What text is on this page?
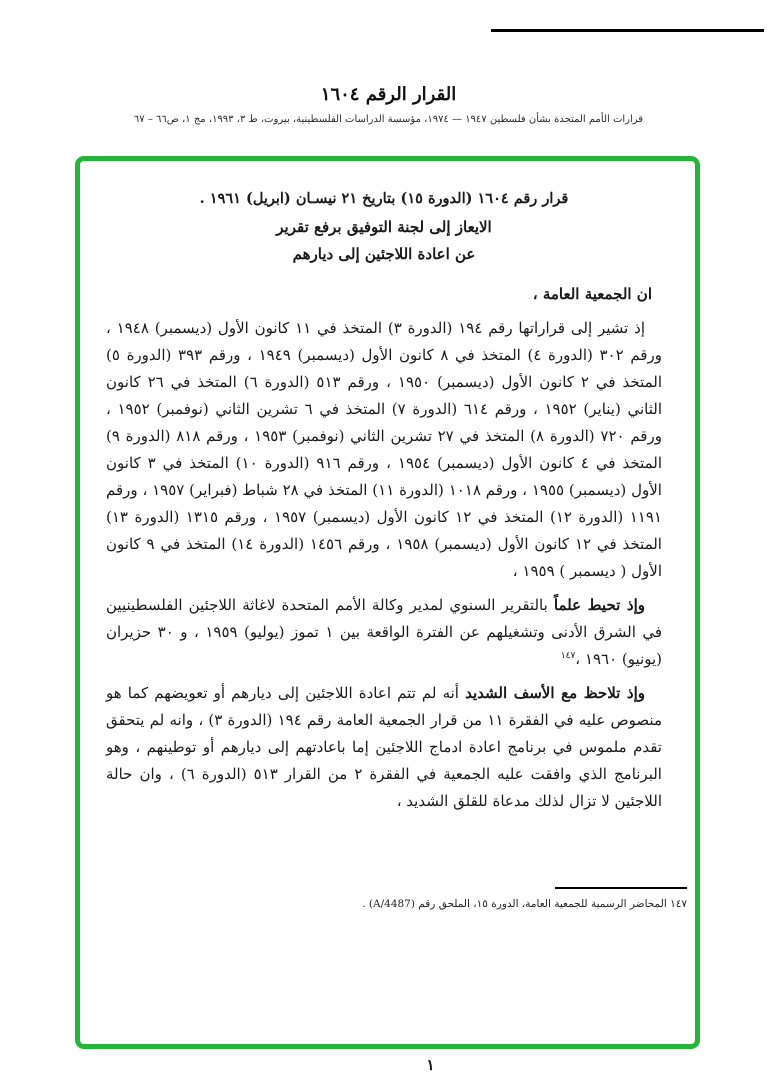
القرار الرقم ١٦٠٤
قرارات الأمم المتحدة بشأن فلسطين ١٩٤٧ — ١٩٧٤، مؤسسة الدراسات الفلسطينية، بيروت، ط ٣، ١٩٩٣، مج ١، ص٦٦ – ٦٧

قرار رقم ١٦٠٤ (الدورة ١٥) بتاريخ ٢١ نيسـان (ابريل) ١٩٦١ .

الايعاز إلى لجنة التوفيق برفع تقرير

عن اعادة اللاجئين إلى ديارهم

ان الجمعية العامة ،

إذ تشير إلى قراراتها رقم ١٩٤ (الدورة ٣) المتخذ في ١١ كانون الأول (ديسمبر) ١٩٤٨ ، ورقم ٣٠٢ (الدورة ٤) المتخذ في ٨ كانون الأول (ديسمبر) ١٩٤٩ ، ورقم ٣٩٣ (الدورة ٥) المتخذ في ٢ كانون الأول (ديسمبر) ١٩٥٠ ، ورقم ٥١٣ (الدورة ٦) المتخذ في ٢٦ كانون الثاني (يناير) ١٩٥٢ ، ورقم ٦١٤ (الدورة ٧) المتخذ في ٦ تشرين الثاني (نوفمبر) ١٩٥٢ ، ورقم ٧٢٠ (الدورة ٨) المتخذ في ٢٧ تشرين الثاني (نوفمبر) ١٩٥٣ ، ورقم ٨١٨ (الدورة ٩) المتخذ في ٤ كانون الأول (ديسمبر) ١٩٥٤ ، ورقم ٩١٦ (الدورة ١٠) المتخذ في ٣ كانون الأول (ديسمبر) ١٩٥٥ ، ورقم ١٠١٨ (الدورة ١١) المتخذ في ٢٨ شباط (فبراير) ١٩٥٧ ، ورقم ١١٩١ (الدورة ١٢) المتخذ في ١٢ كانون الأول (ديسمبر) ١٩٥٧ ، ورقم ١٣١٥ (الدورة ١٣) المتخذ في ١٢ كانون الأول (ديسمبر) ١٩٥٨ ، ورقم ١٤٥٦ (الدورة ١٤) المتخذ في ٩ كانون الأول ( ديسمبر ) ١٩٥٩ ،

وإذ تحيط علماً بالتقرير السنوي لمدير وكالة الأمم المتحدة لاغاثة اللاجئين الفلسطينيين في الشرق الأدنى وتشغيلهم عن الفترة الواقعة بين ١ تموز (يوليو) ١٩٥٩ ، و ٣٠ حزيران (يونيو) ١٩٦٠ ،$^{١٤٧}$

وإذ تلاحظ مع الأسف الشديد أنه لم تتم اعادة اللاجئين إلى ديارهم أو تعويضهم كما هو منصوص عليه في الفقرة ١١ من قرار الجمعية العامة رقم ١٩٤ (الدورة ٣) ، وانه لم يتحقق تقدم ملموس في برنامج اعادة ادماج اللاجئين إما باعادتهم إلى ديارهم أو توطينهم ، وهو البرنامج الذي وافقت عليه الجمعية في الفقرة ٢ من القرار ٥١٣ (الدورة ٦) ، وان حالة اللاجئين لا تزال لذلك مدعاة للقلق الشديد ،

١٤٧ المحاضر الرسمية للجمعية العامة، الدورة ١٥، الملحق رقم (A/4487) .

١
